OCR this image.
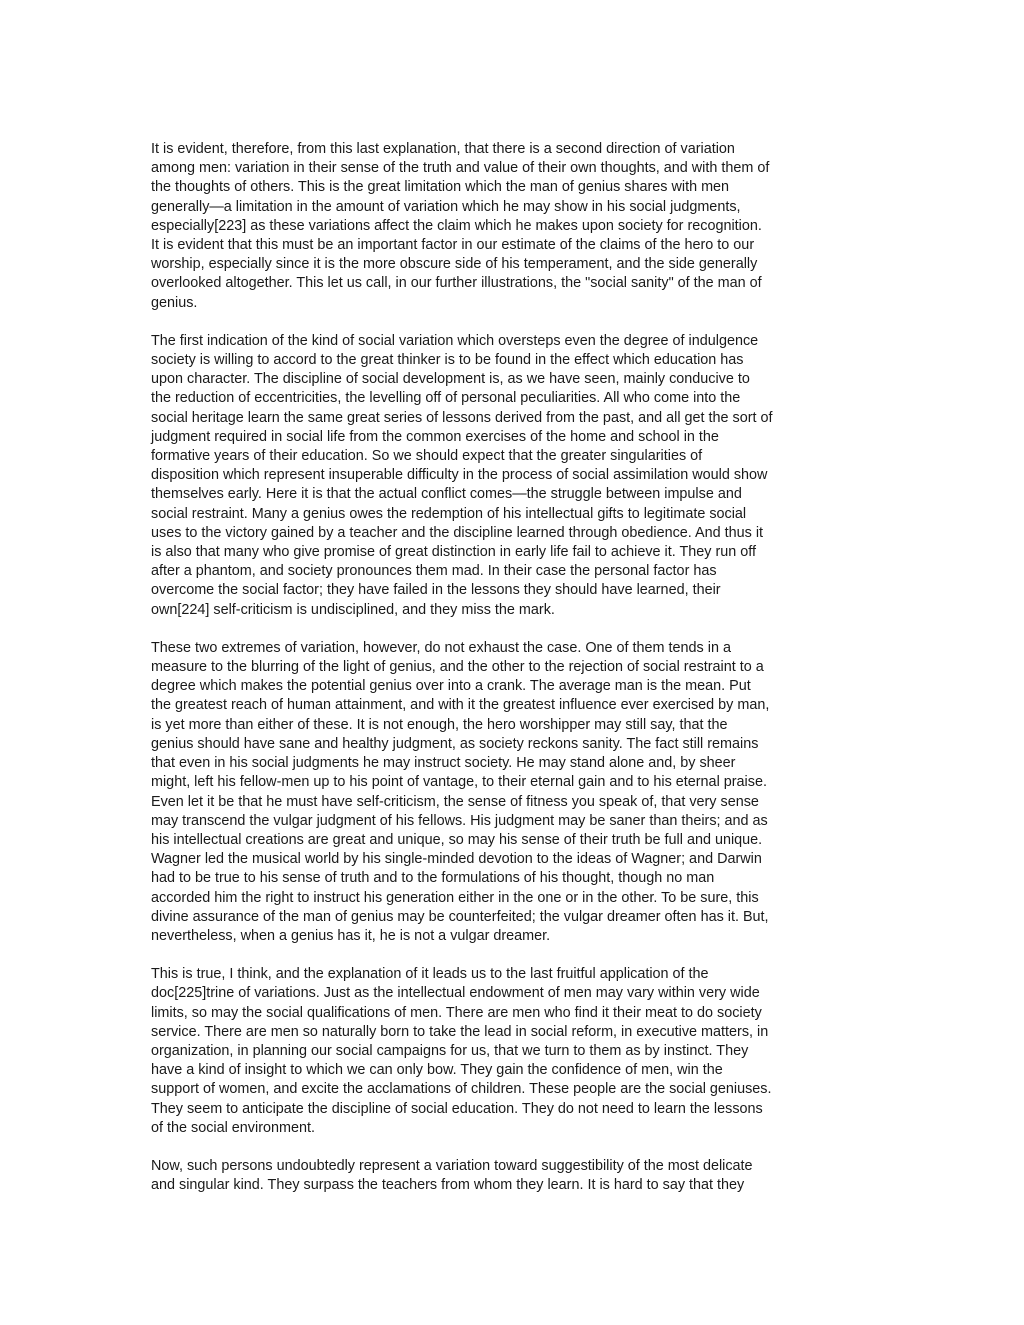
It is evident, therefore, from this last explanation, that there is a second direction of variation
among men: variation in their sense of the truth and value of their own thoughts, and with them of
the thoughts of others. This is the great limitation which the man of genius shares with men
generally—a limitation in the amount of variation which he may show in his social judgments,
especially[223] as these variations affect the claim which he makes upon society for recognition.
It is evident that this must be an important factor in our estimate of the claims of the hero to our
worship, especially since it is the more obscure side of his temperament, and the side generally
overlooked altogether. This let us call, in our further illustrations, the "social sanity" of the man of
genius.
The first indication of the kind of social variation which oversteps even the degree of indulgence
society is willing to accord to the great thinker is to be found in the effect which education has
upon character. The discipline of social development is, as we have seen, mainly conducive to
the reduction of eccentricities, the levelling off of personal peculiarities. All who come into the
social heritage learn the same great series of lessons derived from the past, and all get the sort of
judgment required in social life from the common exercises of the home and school in the
formative years of their education. So we should expect that the greater singularities of
disposition which represent insuperable difficulty in the process of social assimilation would show
themselves early. Here it is that the actual conflict comes—the struggle between impulse and
social restraint. Many a genius owes the redemption of his intellectual gifts to legitimate social
uses to the victory gained by a teacher and the discipline learned through obedience. And thus it
is also that many who give promise of great distinction in early life fail to achieve it. They run off
after a phantom, and society pronounces them mad. In their case the personal factor has
overcome the social factor; they have failed in the lessons they should have learned, their
own[224] self-criticism is undisciplined, and they miss the mark.
These two extremes of variation, however, do not exhaust the case. One of them tends in a
measure to the blurring of the light of genius, and the other to the rejection of social restraint to a
degree which makes the potential genius over into a crank. The average man is the mean. Put
the greatest reach of human attainment, and with it the greatest influence ever exercised by man,
is yet more than either of these. It is not enough, the hero worshipper may still say, that the
genius should have sane and healthy judgment, as society reckons sanity. The fact still remains
that even in his social judgments he may instruct society. He may stand alone and, by sheer
might, left his fellow-men up to his point of vantage, to their eternal gain and to his eternal praise.
Even let it be that he must have self-criticism, the sense of fitness you speak of, that very sense
may transcend the vulgar judgment of his fellows. His judgment may be saner than theirs; and as
his intellectual creations are great and unique, so may his sense of their truth be full and unique.
Wagner led the musical world by his single-minded devotion to the ideas of Wagner; and Darwin
had to be true to his sense of truth and to the formulations of his thought, though no man
accorded him the right to instruct his generation either in the one or in the other. To be sure, this
divine assurance of the man of genius may be counterfeited; the vulgar dreamer often has it. But,
nevertheless, when a genius has it, he is not a vulgar dreamer.
This is true, I think, and the explanation of it leads us to the last fruitful application of the
doc[225]trine of variations. Just as the intellectual endowment of men may vary within very wide
limits, so may the social qualifications of men. There are men who find it their meat to do society
service. There are men so naturally born to take the lead in social reform, in executive matters, in
organization, in planning our social campaigns for us, that we turn to them as by instinct. They
have a kind of insight to which we can only bow. They gain the confidence of men, win the
support of women, and excite the acclamations of children. These people are the social geniuses.
They seem to anticipate the discipline of social education. They do not need to learn the lessons
of the social environment.
Now, such persons undoubtedly represent a variation toward suggestibility of the most delicate
and singular kind. They surpass the teachers from whom they learn. It is hard to say that they
